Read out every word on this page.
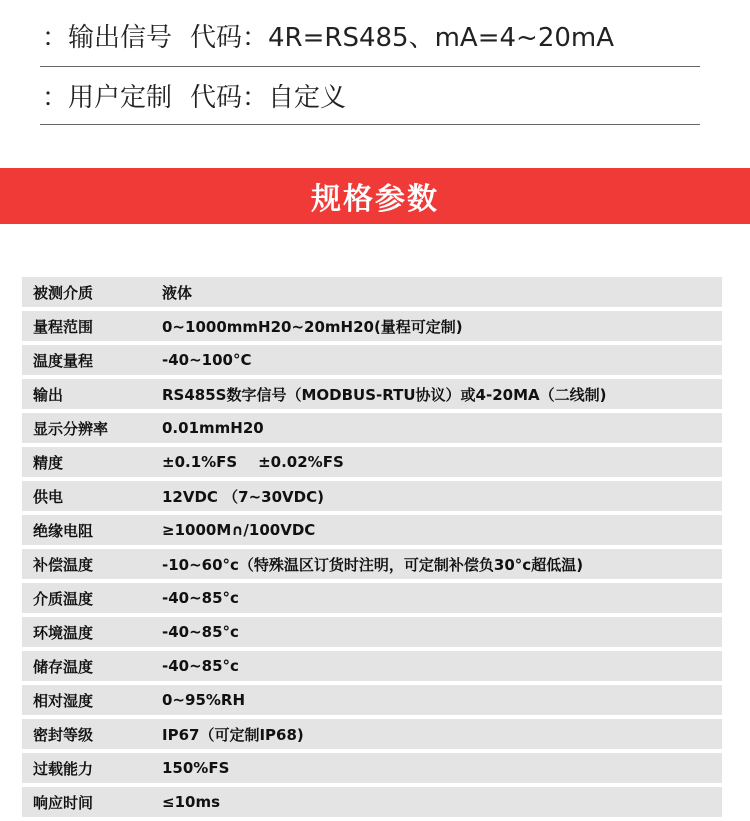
：输出信号 代码：4R=RS485、mA=4~20mA
：用户定制 代码：自定义
规格参数
被测介质	液体
量程范围	0~1000mmH20~20mH20(量程可定制)
温度量程	-40~100°C
输出	RS485S数字信号（MODBUS-RTU协议）或4-20MA（二线制)
显示分辨率	0.01mmH20
精度	±0.1%FS    ±0.02%FS
供电	12VDC （7~30VDC)
绝缘电阻	≥1000M∩/100VDC
补偿温度	-10~60°c（特殊温区订货时注明，可定制补偿负30°c超低温)
介质温度	-40~85°c
环境温度	-40~85°c
储存温度	-40~85°c
相对湿度	0~95%RH
密封等级	IP67（可定制IP68)
过载能力	150%FS
响应时间	≤10ms
